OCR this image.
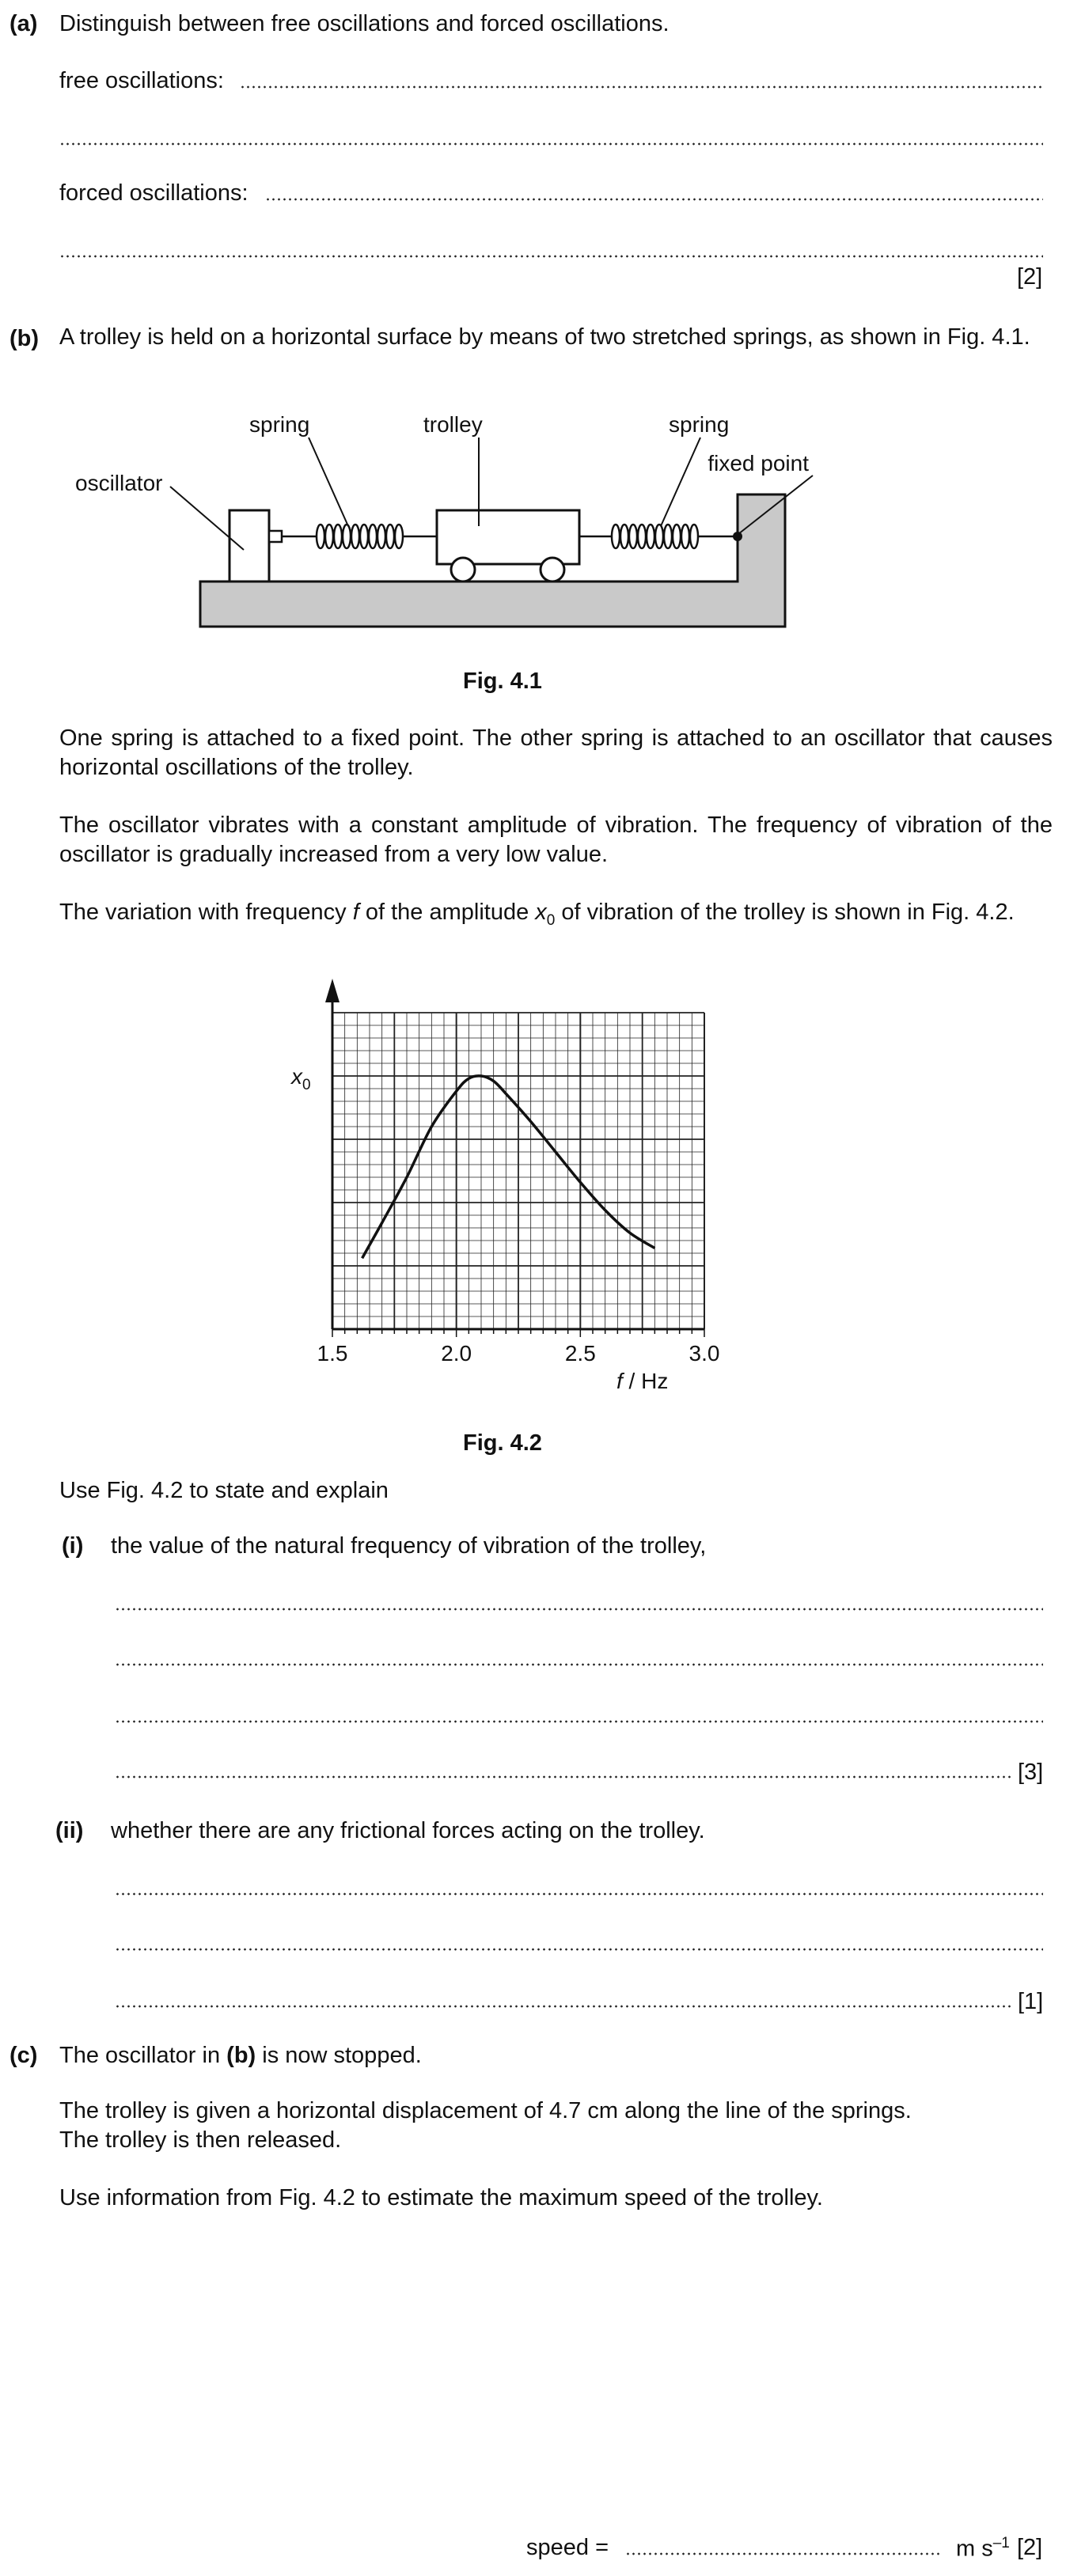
(a) Distinguish between free oscillations and forced oscillations.
free oscillations:
forced oscillations:
[2]
(b) A trolley is held on a horizontal surface by means of two stretched springs, as shown in Fig. 4.1.
oscillator
spring	trolley	spring
fixed point
Fig. 4.1
One spring is attached to a fixed point. The other spring is attached to an oscillator that causes horizontal oscillations of the trolley.
The oscillator vibrates with a constant amplitude of vibration. The frequency of vibration of the oscillator is gradually increased from a very low value.
The variation with frequency f of the amplitude $x_0$ of vibration of the trolley is shown in Fig. 4.2.
1.5	2.0	2.5	3.0
$x_0$
f / Hz
Fig. 4.2
Use Fig. 4.2 to state and explain
(i) the value of the natural frequency of vibration of the trolley,
[3]
(ii) whether there are any frictional forces acting on the trolley.
[1]
(c) The oscillator in (b) is now stopped.
The trolley is given a horizontal displacement of 4.7 cm along the line of the springs.
The trolley is then released.
Use information from Fig. 4.2 to estimate the maximum speed of the trolley.
speed =	m $s^{-1}$ [2]
